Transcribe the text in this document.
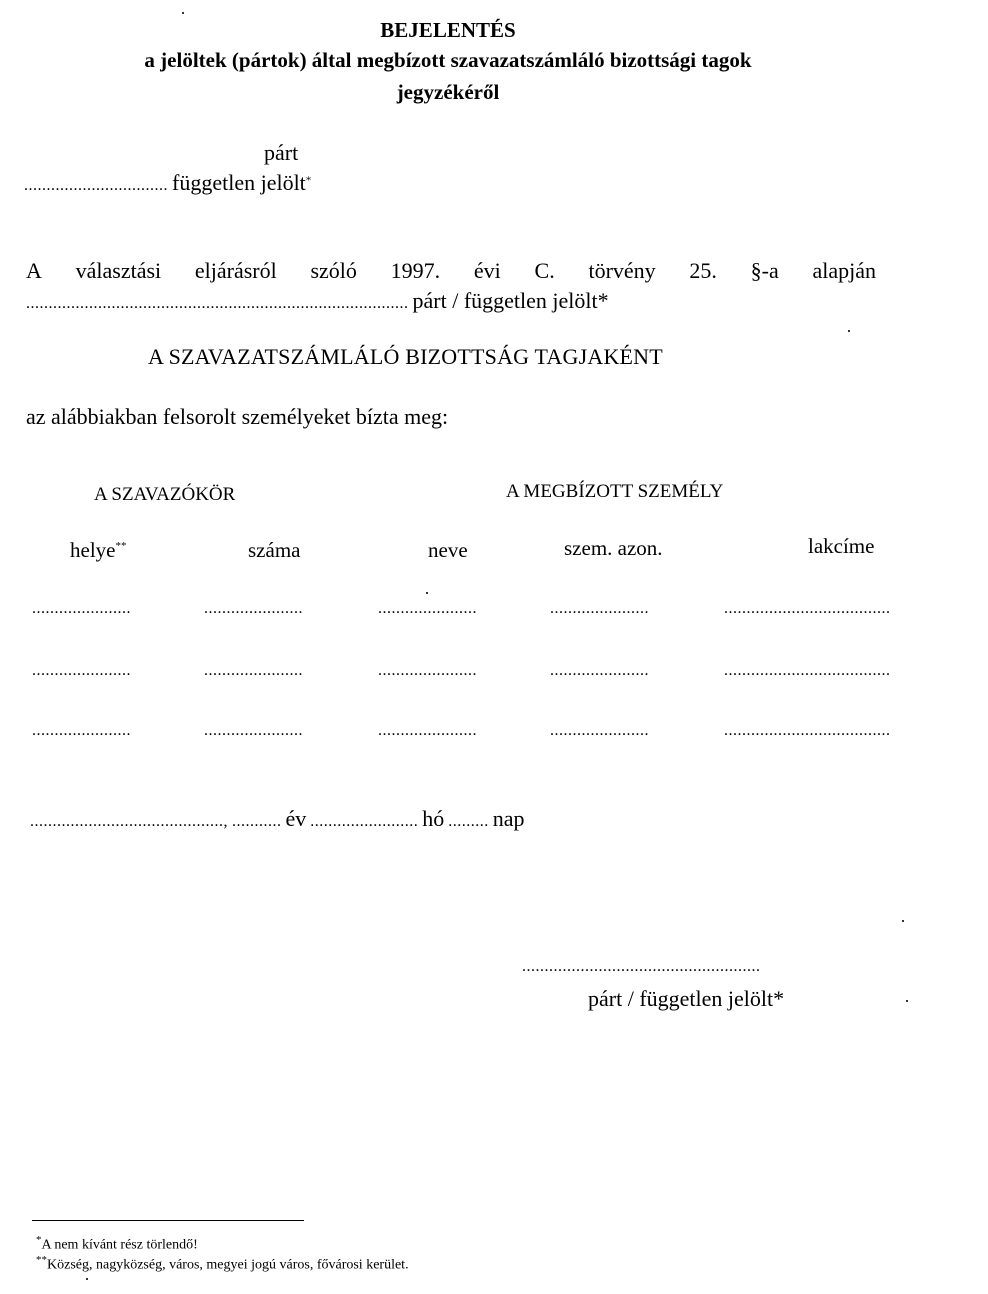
BEJELENTÉS
a jelöltek (pártok) által megbízott szavazatszámláló bizottsági tagok
jegyzékéről
párt
................................ független jelölt*
A választási eljárásról szóló 1997. évi C. törvény 25. §-a alapján
..................................................................................... párt / független jelölt*
A SZAVAZATSZÁMLÁLÓ BIZOTTSÁG TAGJAKÉNT
az alábbiakban felsorolt személyeket bízta meg:
A SZAVAZÓKÖR	A MEGBÍZOTT SZEMÉLY
helye**	száma	neve	szem. azon.	lakcíme
......................	......................	......................	......................	.....................................
......................	......................	......................	......................	.....................................
......................	......................	......................	......................	.....................................
..........................................., ........... év ........................ hó ......... nap
.....................................................
párt / független jelölt*
*A nem kívánt rész törlendő!
**Község, nagyközség, város, megyei jogú város, fővárosi kerület.
